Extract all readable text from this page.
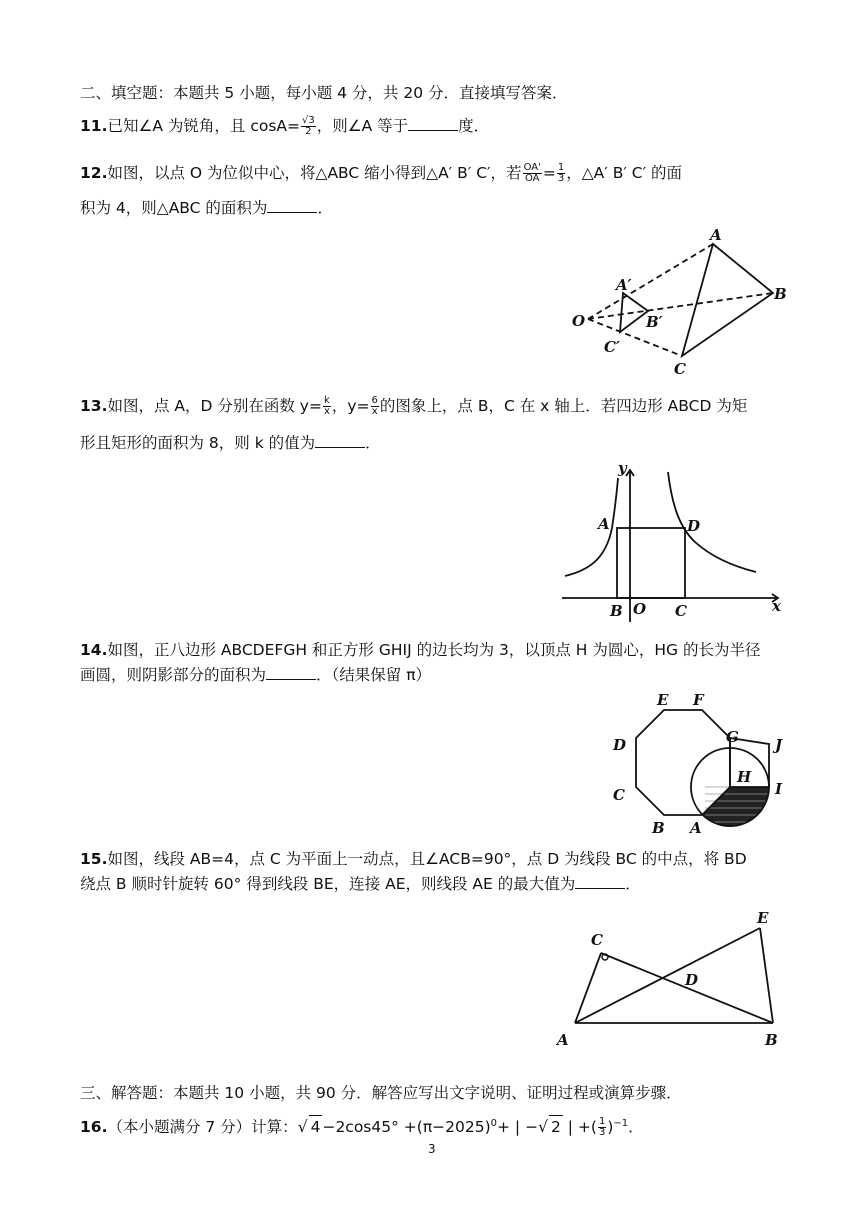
二、填空题：本题共 5 小题，每小题 4 分，共 20 分．直接填写答案．
11.已知∠A 为锐角，且 $\cos A= \frac{√3}{2}$ ，则∠A 等于	度．
12.如图，以点 O 为位似中心，将△ABC 缩小得到△A′ B′ C′，若 $\frac{OA'}{OA} = \frac{1}{3}$ ，△A′ B′ C′ 的面
积为 4，则△ABC 的面积为	．
A
B
C
O
A′
B′
C′
13.如图，点 A，D 分别在函数 $y= \frac{k}{x}$ ，$y= \frac{6}{x}$ 的图象上，点 B，C 在 x 轴上．若四边形 ABCD 为矩
形且矩形的面积为 8，则 k 的值为	．
y
x
A	D
B O C
14.如图，正八边形 ABCDEFGH 和正方形 GHIJ 的边长均为 3，以顶点 H 为圆心，HG 的长为半径
画圆，则阴影部分的面积为	．（结果保留 π）
E F
D	G J
H
C	I
B A
15.如图，线段 AB=4，点 C 为平面上一动点，且∠ACB=90°，点 D 为线段 BC 的中点，将 BD
绕点 B 顺时针旋转 60° 得到线段 BE，连接 AE，则线段 AE 的最大值为	．
C
E
D
A	B
三、解答题：本题共 10 小题，共 90 分．解答应写出文字说明、证明过程或演算步骤．
16.（本小题满分 7 分）计算：√ $4 -2\cos 45^\circ +(\pi-2025)^0+$ | −√ 2 | +( $\frac{1}{3} )^{-1}$．
3
